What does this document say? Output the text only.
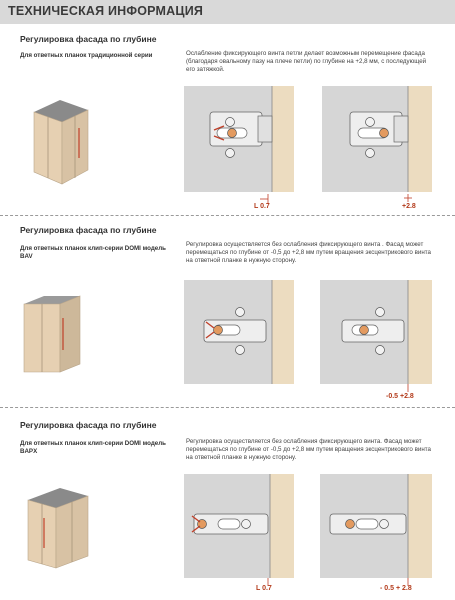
ТЕХНИЧЕСКАЯ ИНФОРМАЦИЯ
Регулировка фасада по глубине
Для ответных планок традиционной серии	Ослабление фиксирующего винта петли делает возможным перемещение фасада (благодаря овальному пазу на плече петли) по глубине на +2,8 мм, с последующей его затяжкой.
L 0.7	+2.8
Регулировка фасада по глубине
Для ответных планок клип-серии DOMI модель BAV
Регулировка осуществляется без ослабления фиксирующего винта . Фасад может перемещаться по глубине от -0,5 до +2,8 мм путем вращения эксцентрикового винта на ответной планке в нужную сторону.
-0.5 +2.8
Регулировка фасада по глубине
Для ответных планок клип-серии DOMI модель BAPX
Регулировка осуществляется без ослабления фиксирующего винта. Фасад может перемещаться по глубине от -0,5 до +2,8 мм путем вращения эксцентрикового винта на ответной планке в нужную сторону.
L 0.7	- 0.5 + 2.8
